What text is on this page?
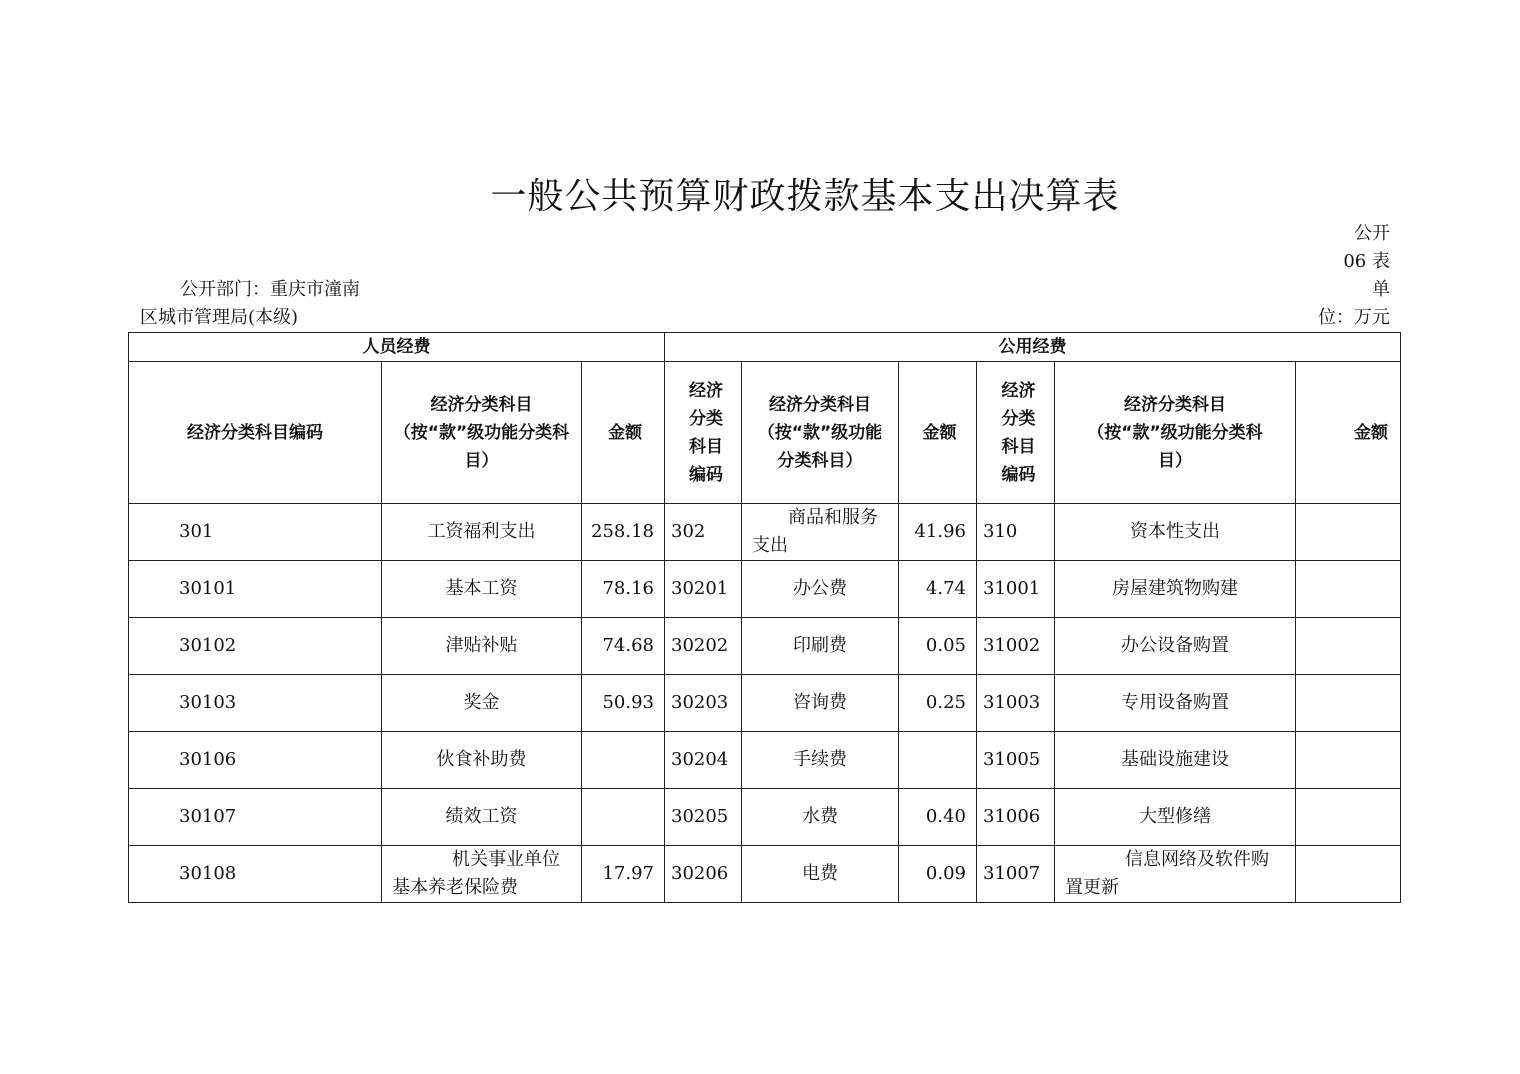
一般公共预算财政拨款基本支出决算表
公开
06 表
单
位：万元
公开部门：重庆市潼南
区城市管理局(本级)
人员经费			公用经费					

经济分类科目编码	经济分类科目（按“款”级功能分类科目）	金额	经济分类科目编码	经济分类科目（按“款”级功能分类科目）	金额	经济分类科目编码	经济分类科目（按“款”级功能分类科目）	金额

301	工资福利支出	258.18	302	商品和服务支出	41.96	310	资本性支出	
30101	基本工资	78.16	30201	办公费	4.74	31001	房屋建筑物购建	
30102	津贴补贴	74.68	30202	印刷费	0.05	31002	办公设备购置	
30103	奖金	50.93	30203	咨询费	0.25	31003	专用设备购置	
30106	伙食补助费		30204	手续费		31005	基础设施建设	
30107	绩效工资		30205	水费	0.40	31006	大型修缮	
30108	机关事业单位基本养老保险费	17.97	30206	电费	0.09	31007	信息网络及软件购置更新	
